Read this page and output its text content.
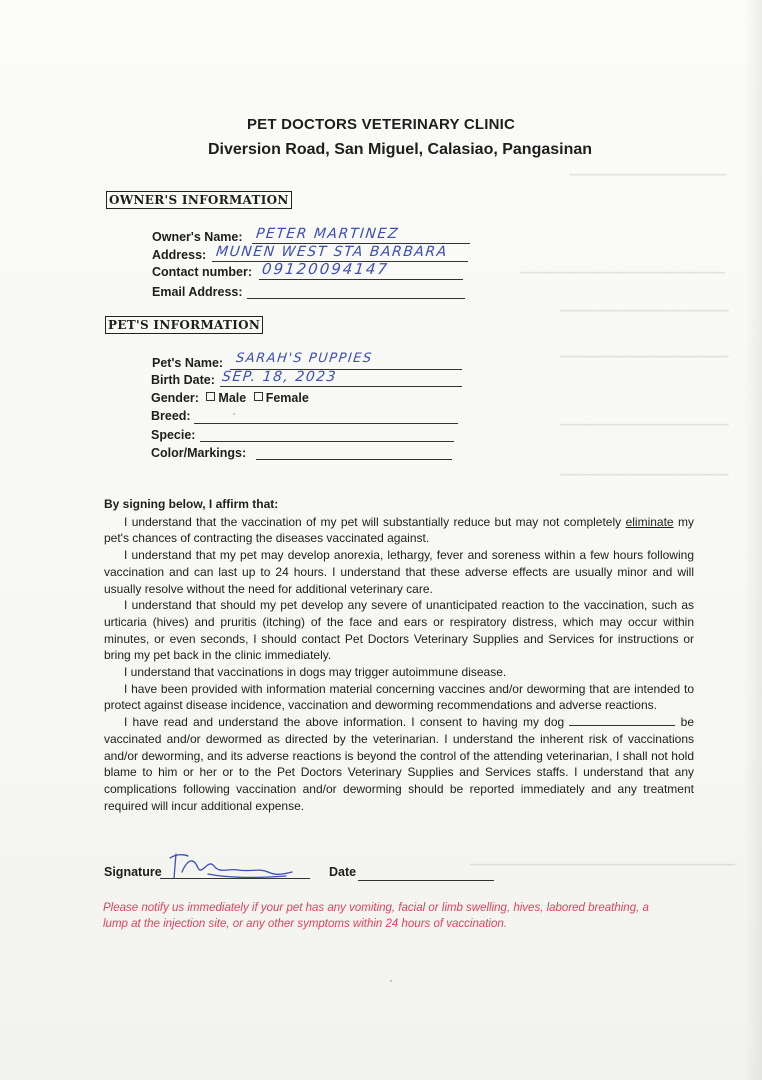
━━━━━━━━━━━━━━━━━━━━━━━━━━
━━━━━━━━━━━━━━━━━━━━━━━━━━━━━━━━━━
━━━━━━━━━━━━━━━━━━━━━━━━━━━━
━━━━━━━━━━━━━━━━━━━━━━━━━━━━
━━━━━━━━━━━━━━━━━━━━━━━━━━━━
━━━━━━━━━━━━━━━━━━━━━━━━━━━━
━━━━━━━━━━━━━━━━━━━━━━━━━━━━━━━━━━━━━━━━━━━━
PET DOCTORS VETERINARY CLINIC
Diversion Road, San Miguel, Calasiao, Pangasinan
OWNER'S INFORMATION
Owner's Name: PETER MARTINEZ
Address: MUNEN WEST STA BARBARA
Contact number: 09120094147
Email Address:
PET'S INFORMATION
Pet's Name: SARAH'S PUPPIES
Birth Date: SEP. 18, 2023
Gender: Male Female
Breed:
Specie:
Color/Markings:

By signing below, I affirm that:

I understand that the vaccination of my pet will substantially reduce but may not completely eliminate my pet's chances of contracting the diseases vaccinated against.

I understand that my pet may develop anorexia, lethargy, fever and soreness within a few hours following vaccination and can last up to 24 hours. I understand that these adverse effects are usually minor and will usually resolve without the need for additional veterinary care.

I understand that should my pet develop any severe of unanticipated reaction to the vaccination, such as urticaria (hives) and pruritis (itching) of the face and ears or respiratory distress, which may occur within minutes, or even seconds, I should contact Pet Doctors Veterinary Supplies and Services for instructions or bring my pet back in the clinic immediately.

I understand that vaccinations in dogs may trigger autoimmune disease.

I have been provided with information material concerning vaccines and/or deworming that are intended to protect against disease incidence, vaccination and deworming recommendations and adverse reactions.

I have read and understand the above information. I consent to having my dog	be vaccinated and/or dewormed as directed by the veterinarian. I understand the inherent risk of vaccinations and/or deworming, and its adverse reactions is beyond the control of the attending veterinarian, I shall not hold blame to him or her or to the Pet Doctors Veterinary Supplies and Services staffs. I understand that any complications following vaccination and/or deworming should be reported immediately and any treatment required will incur additional expense.

Signature	Date
Please notify us immediately if your pet has any vomiting, facial or limb swelling, hives, labored breathing, a lump at the injection site, or any other symptoms within 24 hours of vaccination.
